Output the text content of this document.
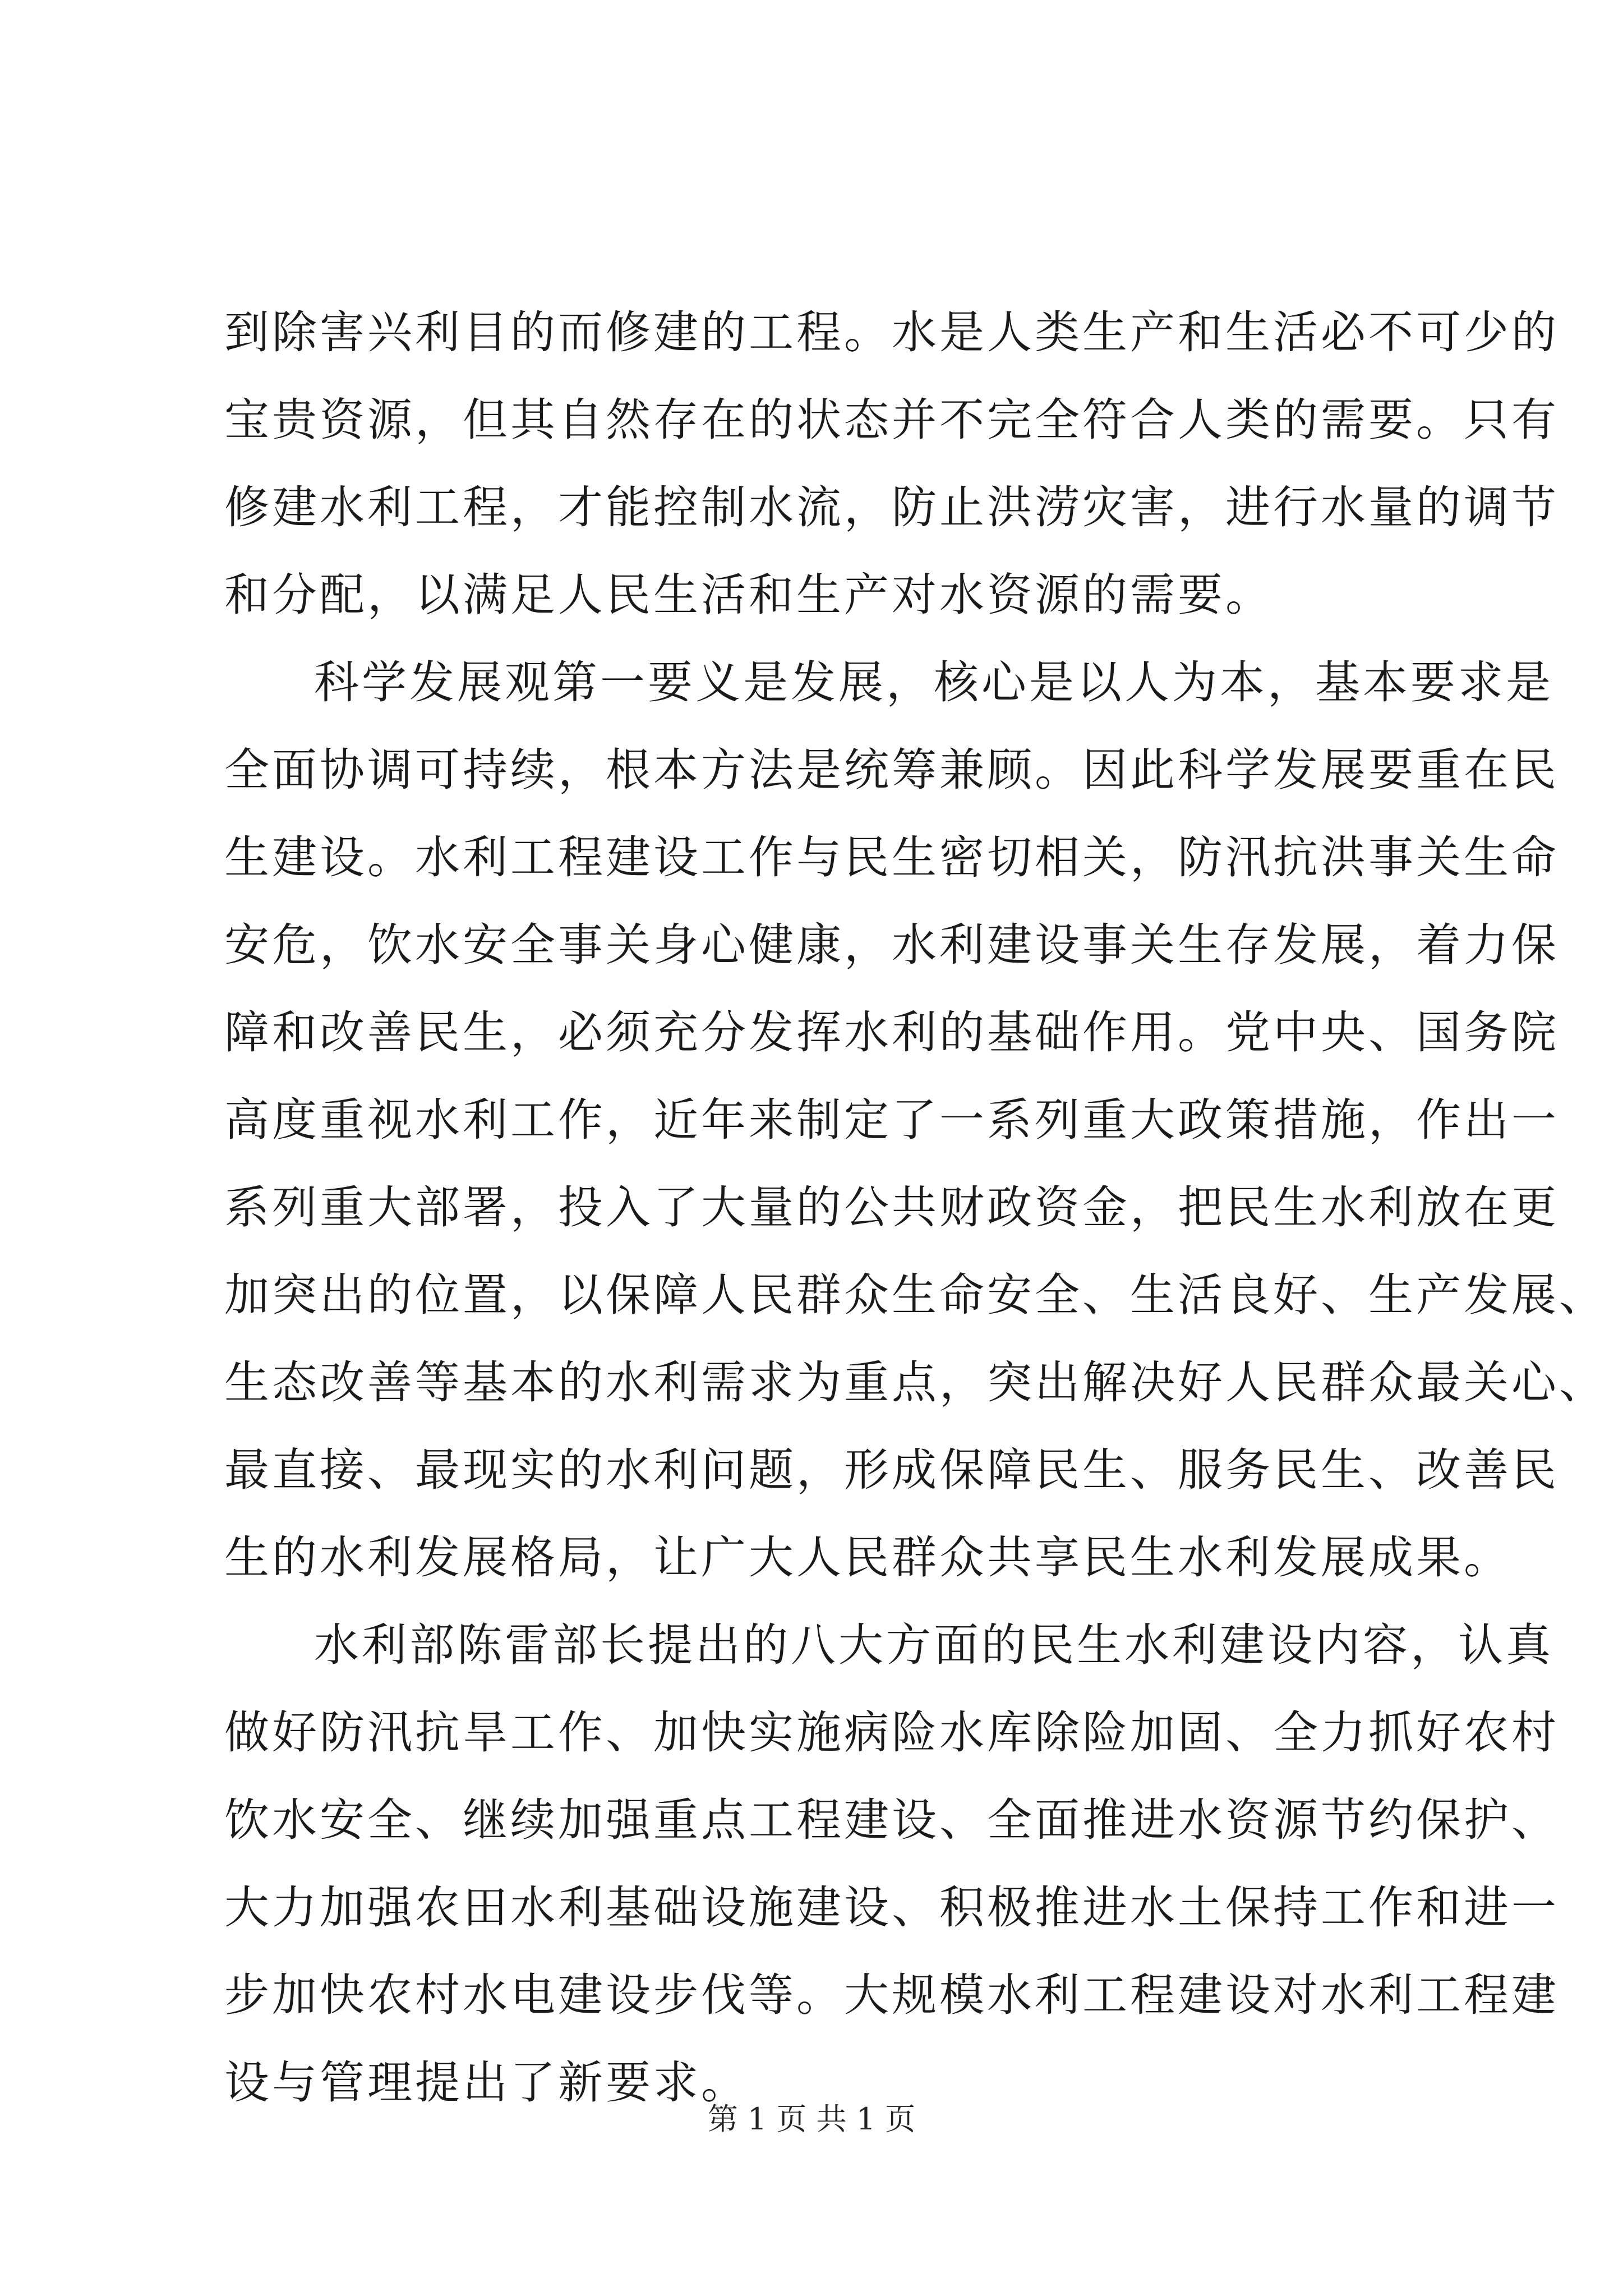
到除害兴利目的而修建的工程。水是人类生产和生活必不可少的
宝贵资源，但其自然存在的状态并不完全符合人类的需要。只有
修建水利工程，才能控制水流，防止洪涝灾害，进行水量的调节
和分配，以满足人民生活和生产对水资源的需要。
科学发展观第一要义是发展，核心是以人为本，基本要求是
全面协调可持续，根本方法是统筹兼顾。因此科学发展要重在民
生建设。水利工程建设工作与民生密切相关，防汛抗洪事关生命
安危，饮水安全事关身心健康，水利建设事关生存发展，着力保
障和改善民生，必须充分发挥水利的基础作用。党中央、国务院
高度重视水利工作，近年来制定了一系列重大政策措施，作出一
系列重大部署，投入了大量的公共财政资金，把民生水利放在更
加突出的位置，以保障人民群众生命安全、生活良好、生产发展、
生态改善等基本的水利需求为重点，突出解决好人民群众最关心、
最直接、最现实的水利问题，形成保障民生、服务民生、改善民
生的水利发展格局，让广大人民群众共享民生水利发展成果。
水利部陈雷部长提出的八大方面的民生水利建设内容，认真
做好防汛抗旱工作、加快实施病险水库除险加固、全力抓好农村
饮水安全、继续加强重点工程建设、全面推进水资源节约保护、
大力加强农田水利基础设施建设、积极推进水土保持工作和进一
步加快农村水电建设步伐等。大规模水利工程建设对水利工程建
设与管理提出了新要求。
第 1 页 共 1 页
